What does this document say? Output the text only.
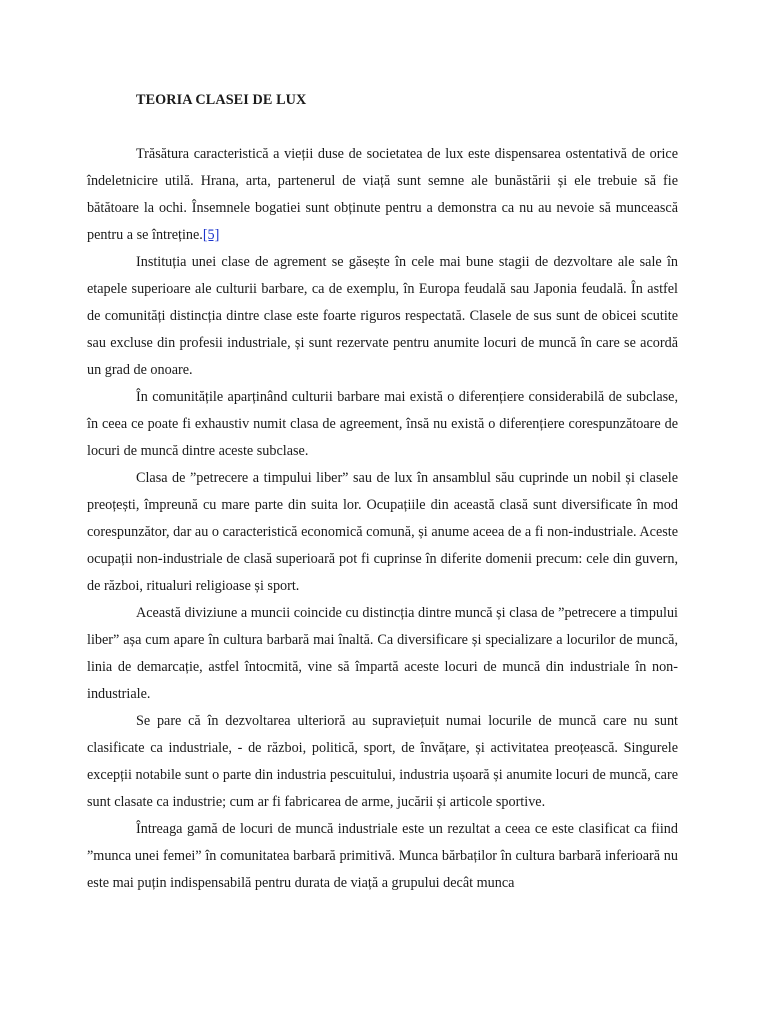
TEORIA CLASEI DE LUX

Trăsătura caracteristică a vieții duse de societatea de lux este dispensarea ostentativă de orice îndeletnicire utilă. Hrana, arta, partenerul de viață sunt semne ale bunăstării și ele trebuie să fie bătătoare la ochi. Însemnele bogatiei sunt obținute pentru a demonstra ca nu au nevoie să muncească pentru a se întreține.[5]

Instituția unei clase de agrement se găsește în cele mai bune stagii de dezvoltare ale sale în etapele superioare ale culturii barbare, ca de exemplu, în Europa feudală sau Japonia feudală. În astfel de comunități distincția dintre clase este foarte riguros respectată. Clasele de sus sunt de obicei scutite sau excluse din profesii industriale, și sunt rezervate pentru anumite locuri de muncă în care se acordă un grad de onoare.

În comunitățile aparținând culturii barbare mai există o diferențiere considerabilă de subclase, în ceea ce poate fi exhaustiv numit clasa de agreement, însă nu există o diferențiere corespunzătoare de locuri de muncă dintre aceste subclase.

Clasa de ”petrecere a timpului liber” sau de lux în ansamblul său cuprinde un nobil și clasele preoțești, împreună cu mare parte din suita lor. Ocupațiile din această clasă sunt diversificate în mod corespunzător, dar au o caracteristică economică comună, și anume aceea de a fi non-industriale. Aceste ocupații non-industriale de clasă superioară pot fi cuprinse în diferite domenii precum: cele din guvern, de război, ritualuri religioase și sport.

Această diviziune a muncii coincide cu distincția dintre muncă și clasa de ”petrecere a timpului liber” așa cum apare în cultura barbară mai înaltă. Ca diversificare și specializare a locurilor de muncă, linia de demarcație, astfel întocmită, vine să împartă aceste locuri de muncă din industriale în non-industriale.

Se pare că în dezvoltarea ulterioră au supraviețuit numai locurile de muncă care nu sunt clasificate ca industriale, - de război, politică, sport, de învățare, și activitatea preoțească. Singurele excepții notabile sunt o parte din industria pescuitului, industria ușoară și anumite locuri de muncă, care sunt clasate ca industrie; cum ar fi fabricarea de arme, jucării și articole sportive.

Întreaga gamă de locuri de muncă industriale este un rezultat a ceea ce este clasificat ca fiind ”munca unei femei” în comunitatea barbară primitivă. Munca bărbaților în cultura barbară inferioară nu este mai puțin indispensabilă pentru durata de viață a grupului decât munca
